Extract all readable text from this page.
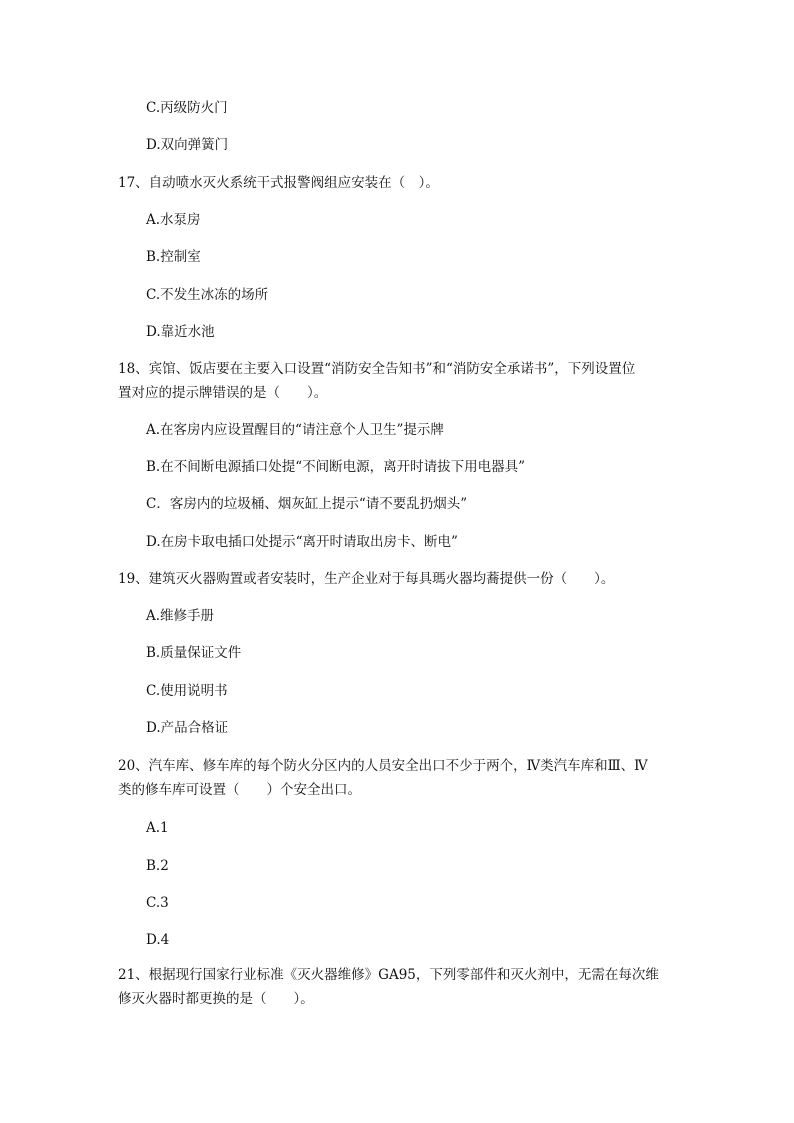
C.丙级防火门
D.双向弹簧门
17、自动喷水灭火系统干式报警阀组应安装在（　）。
A.水泵房
B.控制室
C.不发生冰冻的场所
D.靠近水池
18、宾馆、饭店要在主要入口设置“消防安全告知书”和“消防安全承诺书”，下列设置位
置对应的提示牌错误的是（　　）。
A.在客房内应设置醒目的“请注意个人卫生”提示牌
B.在不间断电源插口处提“不间断电源，离开时请拔下用电器具”
C．客房内的垃圾桶、烟灰缸上提示“请不要乱扔烟头”
D.在房卡取电插口处提示“离开时请取出房卡、断电”
19、建筑灭火器购置或者安装时，生产企业对于每具瑪火器均蕎提供一份（　　）。
A.维修手册
B.质量保证文件
C.使用说明书
D.产品合格证
20、汽车库、修车库的每个防火分区内的人员安全出口不少于两个，Ⅳ类汽车库和Ⅲ、Ⅳ
类的修车库可设置（　　）个安全出口。
A.1
B.2
C.3
D.4
21、根据现行国家行业标准《灭火器维修》GA95，下列零部件和灭火剂中，无需在每次维
修灭火器时都更换的是（　　）。
